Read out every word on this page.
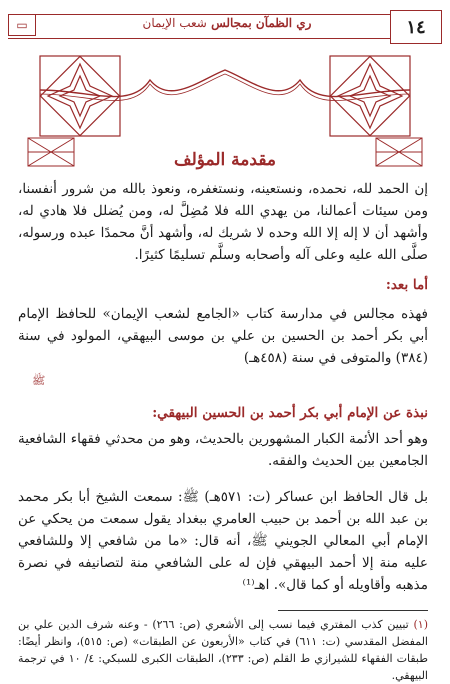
١٤
ري الظمآن بمجالس شعب الإيمان
▭
مقدمة المؤلف
إن الحمد لله، نحمده، ونستعينه، ونستغفره، ونعوذ بالله من شرور أنفسنا، ومن سيئات أعمالنا، من يهدي الله فلا مُضِلَّ له، ومن يُضلل فلا هادي له، وأشهد أن لا إله إلا الله وحده لا شريك له، وأشهد أنَّ محمدًا عبده ورسوله، صلَّى الله عليه وعلى آله وأصحابه وسلَّم تسليمًا كثيرًا.
أما بعد:
فهذه مجالس في مدارسة كتاب «الجامع لشعب الإيمان» للحافظ الإمام أبي بكر أحمد بن الحسين بن علي بن موسى البيهقي، المولود في سنة (٣٨٤) والمتوفى في سنة (٤٥٨هـ)
ﷺ
نبذة عن الإمام أبي بكر أحمد بن الحسين البيهقي:
وهو أحد الأئمة الكبار المشهورين بالحديث، وهو من محدثي فقهاء الشافعية الجامعين بين الحديث والفقه.
بل قال الحافظ ابن عساكر (ت: ٥٧١هـ) ﷺ: سمعت الشيخ أبا بكر محمد بن عبد الله بن أحمد بن حبيب العامري ببغداد يقول سمعت من يحكي عن الإمام أبي المعالي الجويني ﷺ، أنه قال: «ما من شافعي إلا وللشافعي عليه منة إلا أحمد البيهقي فإن له على الشافعي منة لتصانيفه في نصرة مذهبه وأقاويله أو كما قال». اهـ⁽¹⁾
(١) تبيين كذب المفتري فيما نسب إلى الأشعري (ص: ٢٦٦) - وعنه شرف الدين علي بن المفضل المقدسي (ت: ٦١١) في كتاب «الأربعون عن الطبقات» (ص: ٥١٥)، وانظر أيضًا: طبقات الفقهاء للشيرازي ط القلم (ص: ٢٣٣)، الطبقات الكبرى للسبكي: ٤/ ١٠ في ترجمة البيهقي.
